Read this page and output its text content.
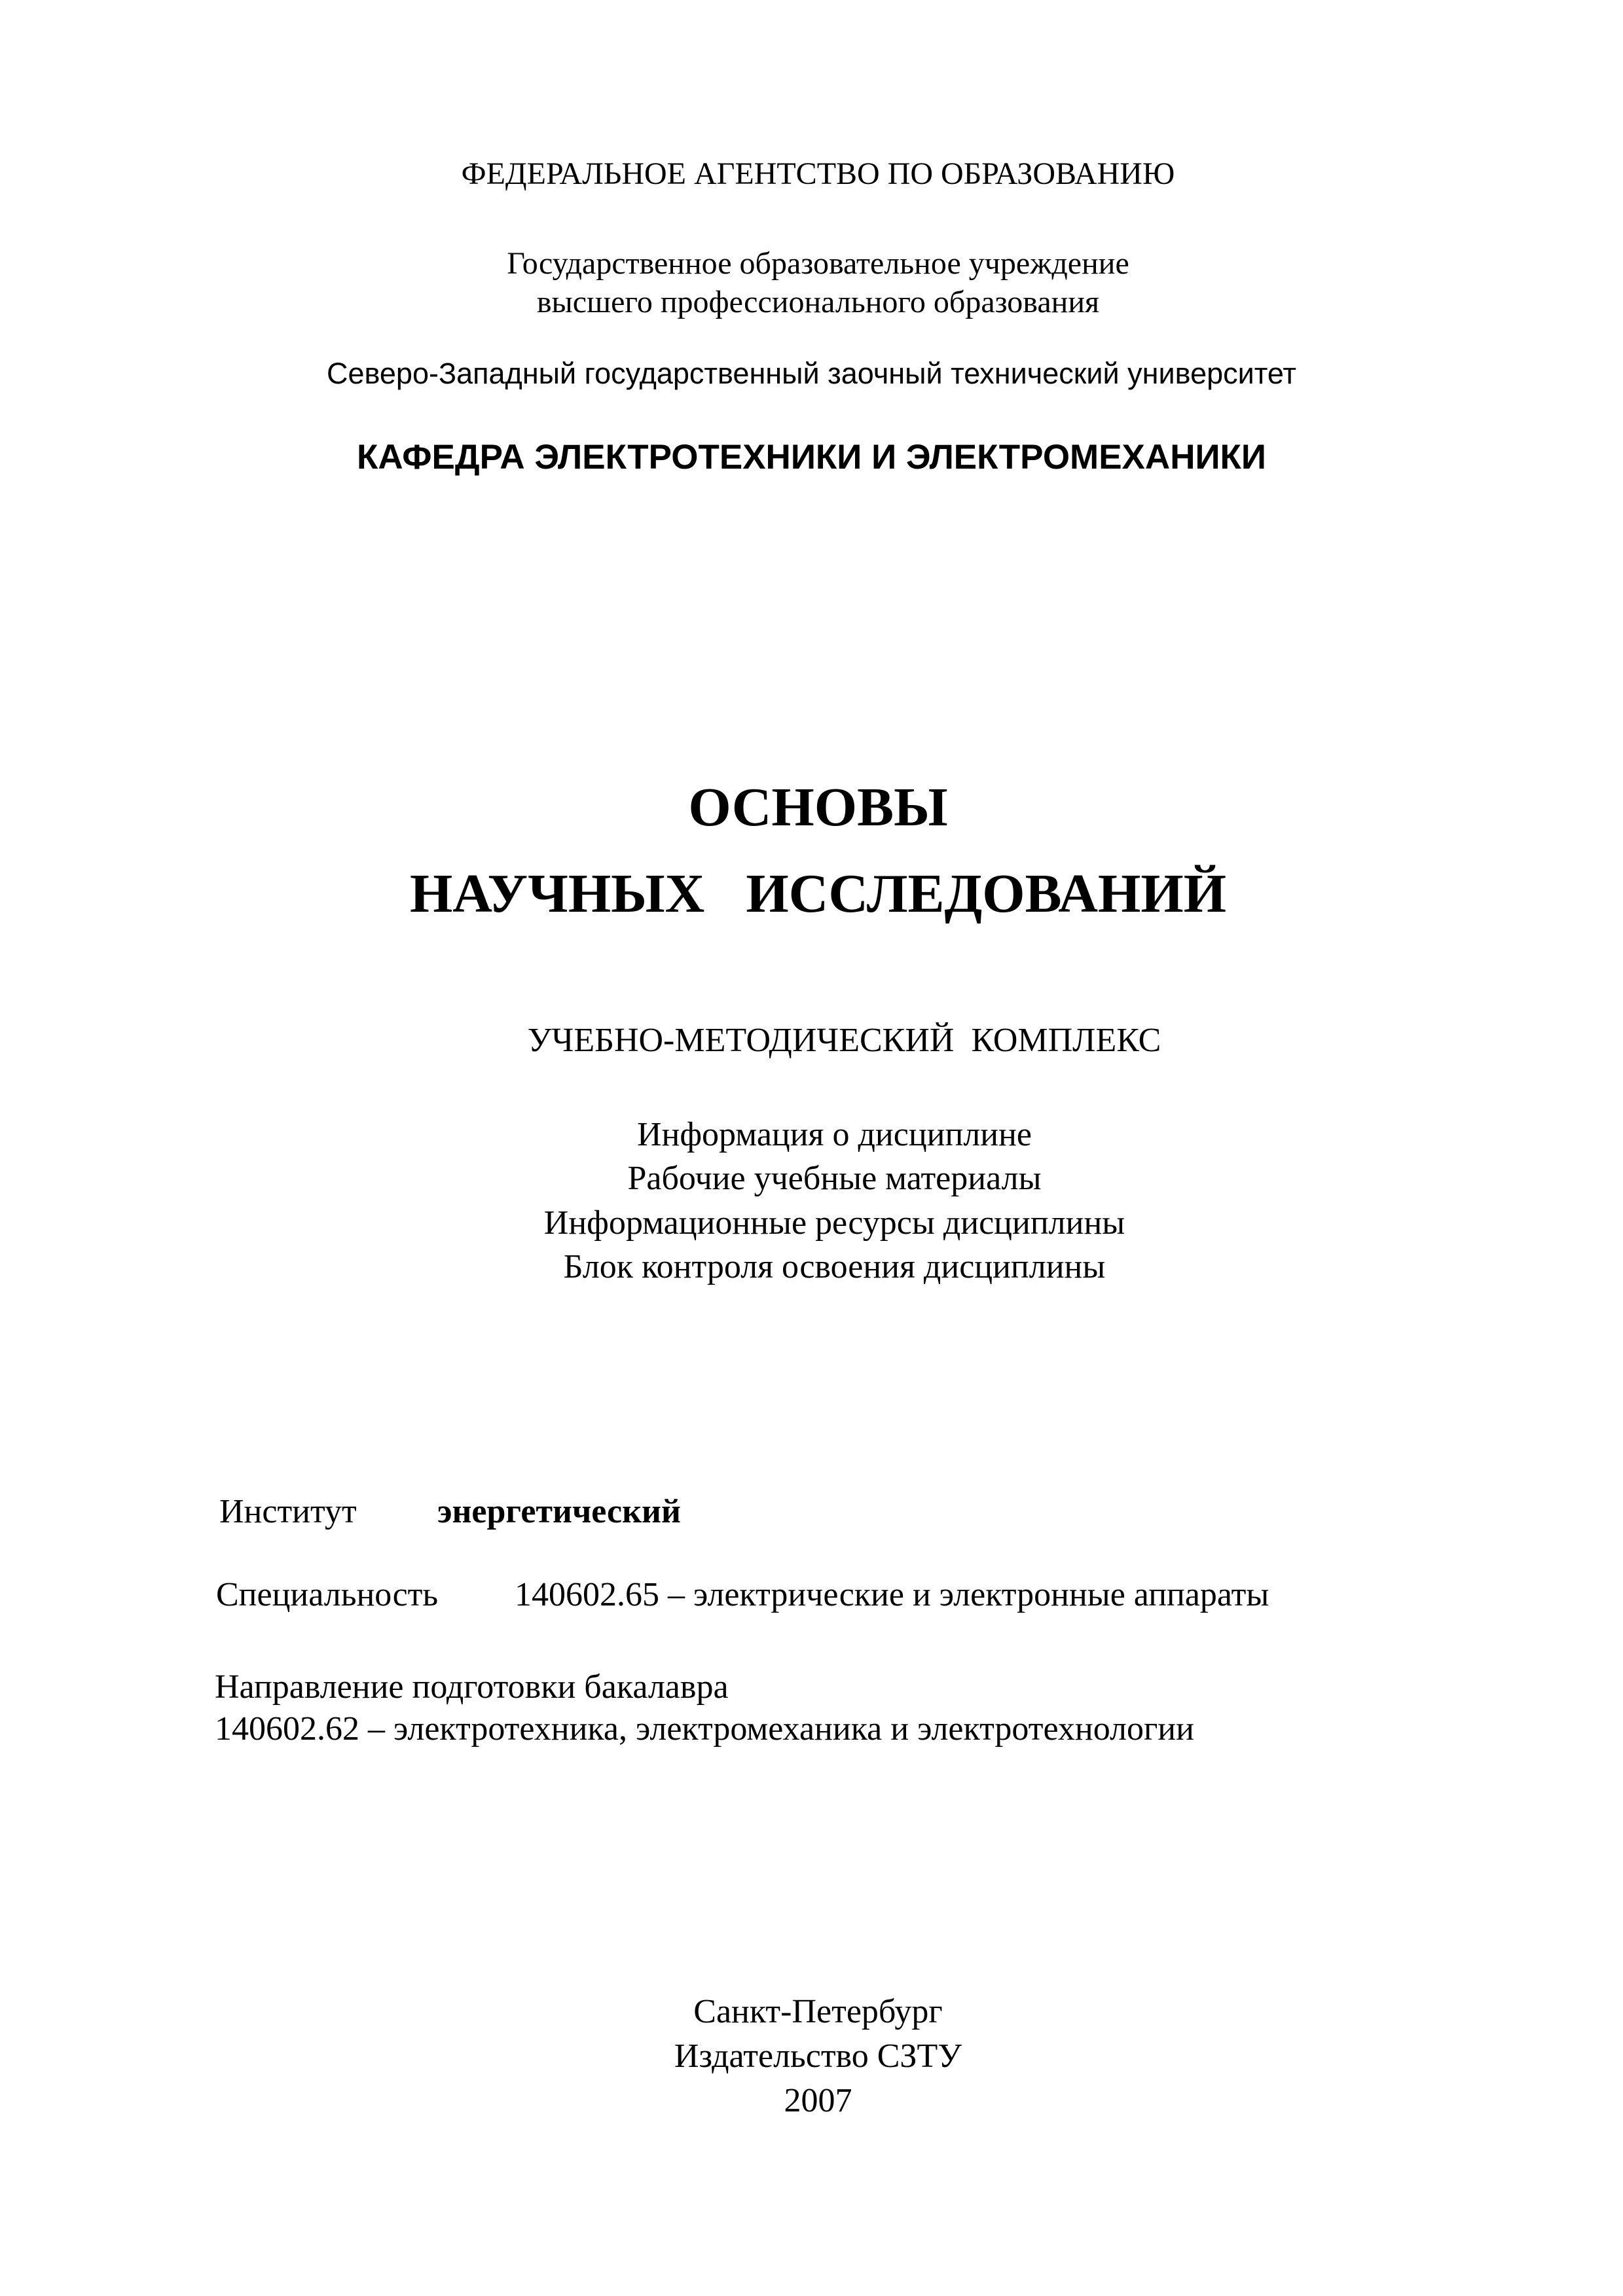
ФЕДЕРАЛЬНОЕ АГЕНТСТВО ПО ОБРАЗОВАНИЮ
Государственное образовательное учреждение
высшего профессионального образования
Северо-Западный государственный заочный технический университет
КАФЕДРА ЭЛЕКТРОТЕХНИКИ И ЭЛЕКТРОМЕХАНИКИ
ОСНОВЫ
НАУЧНЫХ   ИССЛЕДОВАНИЙ
УЧЕБНО-МЕТОДИЧЕСКИЙ  КОМПЛЕКС
Информация о дисциплине
Рабочие учебные материалы
Информационные ресурсы дисциплины
Блок контроля освоения дисциплины
Институт энергетический
Специальность 140602.65 – электрические и электронные аппараты
Направление подготовки бакалавра
140602.62 – электротехника, электромеханика и электротехнологии
Санкт-Петербург
Издательство СЗТУ
2007
